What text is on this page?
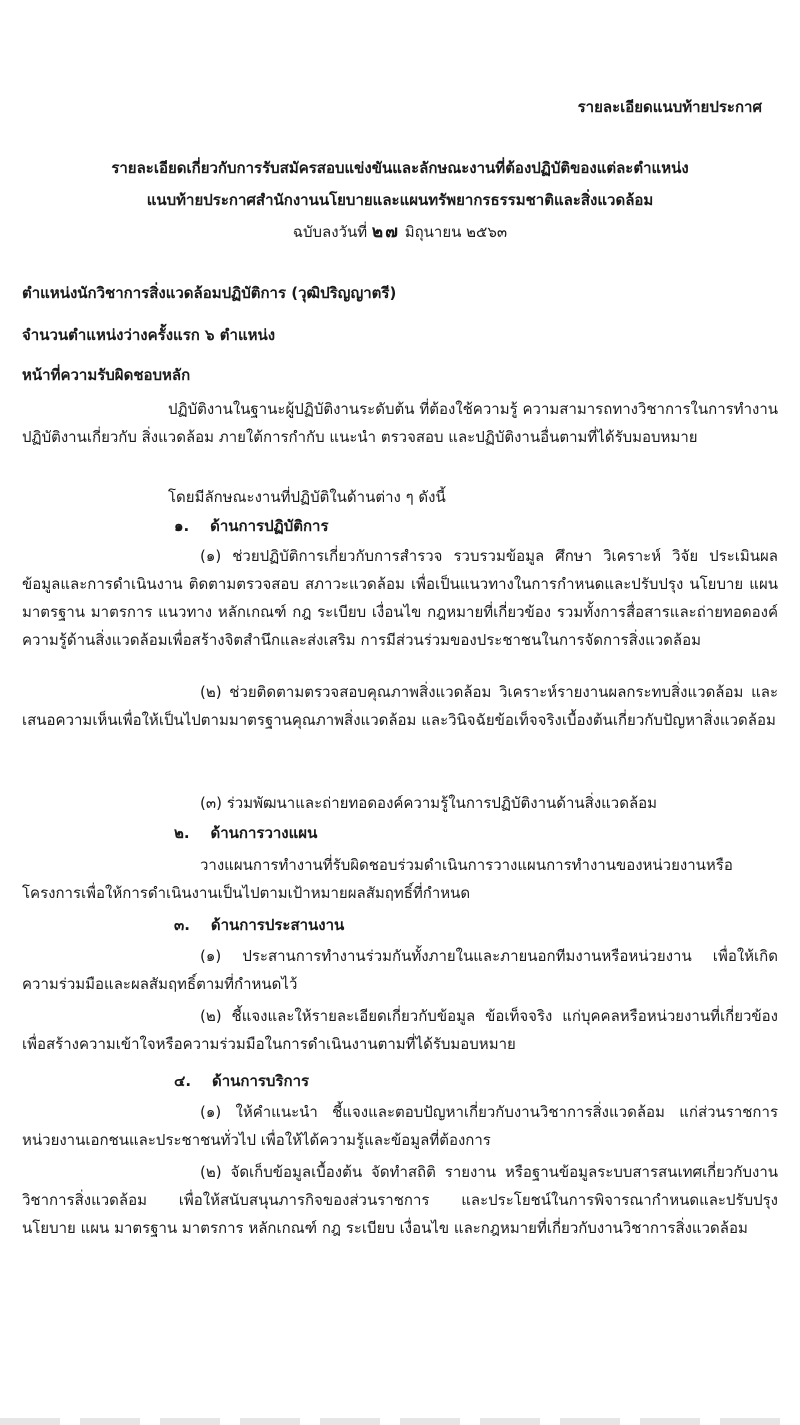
รายละเอียดแนบท้ายประกาศ
รายละเอียดเกี่ยวกับการรับสมัครสอบแข่งขันและลักษณะงานที่ต้องปฏิบัติของแต่ละตำแหน่ง
แนบท้ายประกาศสำนักงานนโยบายและแผนทรัพยากรธรรมชาติและสิ่งแวดล้อม
ฉบับลงวันที่ ๒๗ มิถุนายน ๒๕๖๓
ตำแหน่งนักวิชาการสิ่งแวดล้อมปฏิบัติการ (วุฒิปริญญาตรี)
จำนวนตำแหน่งว่างครั้งแรก ๖ ตำแหน่ง
หน้าที่ความรับผิดชอบหลัก
ปฏิบัติงานในฐานะผู้ปฏิบัติงานระดับต้น ที่ต้องใช้ความรู้ ความสามารถทางวิชาการในการทำงาน ปฏิบัติงานเกี่ยวกับ สิ่งแวดล้อม ภายใต้การกำกับ แนะนำ ตรวจสอบ และปฏิบัติงานอื่นตามที่ได้รับมอบหมาย
โดยมีลักษณะงานที่ปฏิบัติในด้านต่าง ๆ ดังนี้
๑. ด้านการปฏิบัติการ
(๑) ช่วยปฏิบัติการเกี่ยวกับการสำรวจ รวบรวมข้อมูล ศึกษา วิเคราะห์ วิจัย ประเมินผลข้อมูลและการดำเนินงาน ติดตามตรวจสอบ สภาวะแวดล้อม เพื่อเป็นแนวทางในการกำหนดและปรับปรุง นโยบาย แผน มาตรฐาน มาตรการ แนวทาง หลักเกณฑ์ กฎ ระเบียบ เงื่อนไข กฎหมายที่เกี่ยวข้อง รวมทั้งการสื่อสารและถ่ายทอดองค์ความรู้ด้านสิ่งแวดล้อมเพื่อสร้างจิตสำนึกและส่งเสริม การมีส่วนร่วมของประชาชนในการจัดการสิ่งแวดล้อม
(๒) ช่วยติดตามตรวจสอบคุณภาพสิ่งแวดล้อม วิเคราะห์รายงานผลกระทบสิ่งแวดล้อม และเสนอความเห็นเพื่อให้เป็นไปตามมาตรฐานคุณภาพสิ่งแวดล้อม และวินิจฉัยข้อเท็จจริงเบื้องต้นเกี่ยวกับปัญหาสิ่งแวดล้อม
(๓) ร่วมพัฒนาและถ่ายทอดองค์ความรู้ในการปฏิบัติงานด้านสิ่งแวดล้อม
๒. ด้านการวางแผน
วางแผนการทำงานที่รับผิดชอบร่วมดำเนินการวางแผนการทำงานของหน่วยงานหรือโครงการเพื่อให้การดำเนินงานเป็นไปตามเป้าหมายผลสัมฤทธิ์ที่กำหนด
๓. ด้านการประสานงาน
(๑) ประสานการทำงานร่วมกันทั้งภายในและภายนอกทีมงานหรือหน่วยงาน เพื่อให้เกิดความร่วมมือและผลสัมฤทธิ์ตามที่กำหนดไว้
(๒) ชี้แจงและให้รายละเอียดเกี่ยวกับข้อมูล ข้อเท็จจริง แก่บุคคลหรือหน่วยงานที่เกี่ยวข้อง เพื่อสร้างความเข้าใจหรือความร่วมมือในการดำเนินงานตามที่ได้รับมอบหมาย
๔. ด้านการบริการ
(๑) ให้คำแนะนำ ชี้แจงและตอบปัญหาเกี่ยวกับงานวิชาการสิ่งแวดล้อม แก่ส่วนราชการ หน่วยงานเอกชนและประชาชนทั่วไป เพื่อให้ได้ความรู้และข้อมูลที่ต้องการ
(๒) จัดเก็บข้อมูลเบื้องต้น จัดทำสถิติ รายงาน หรือฐานข้อมูลระบบสารสนเทศเกี่ยวกับงานวิชาการสิ่งแวดล้อม เพื่อให้สนับสนุนภารกิจของส่วนราชการ และประโยชน์ในการพิจารณากำหนดและปรับปรุง นโยบาย แผน มาตรฐาน มาตรการ หลักเกณฑ์ กฎ ระเบียบ เงื่อนไข และกฎหมายที่เกี่ยวกับงานวิชาการสิ่งแวดล้อม
